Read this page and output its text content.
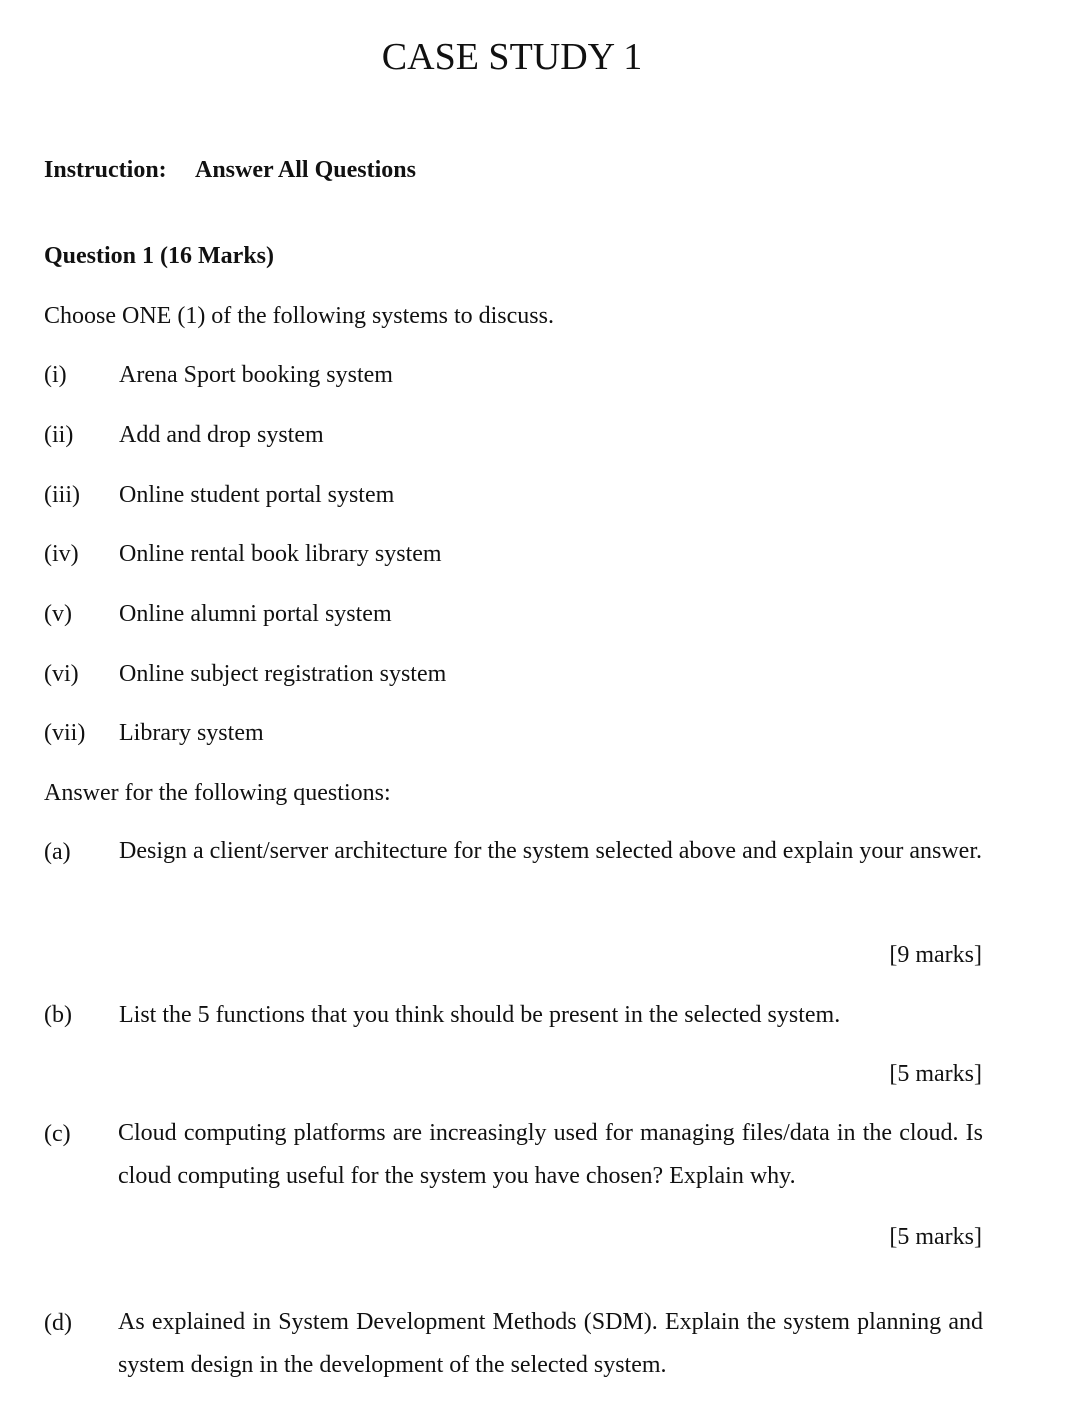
CASE STUDY 1
Instruction: Answer All Questions
Question 1 (16 Marks)
Choose ONE (1) of the following systems to discuss.
(i) Arena Sport booking system
(ii) Add and drop system
(iii) Online student portal system
(iv) Online rental book library system
(v) Online alumni portal system
(vi) Online subject registration system
(vii) Library system
Answer for the following questions:
(a) Design a client/server architecture for the system selected above and explain your answer.
[9 marks]
(b) List the 5 functions that you think should be present in the selected system.
[5 marks]
(c) Cloud computing platforms are increasingly used for managing files/data in the cloud. Is cloud computing useful for the system you have chosen? Explain why.
[5 marks]
(d) As explained in System Development Methods (SDM). Explain the system planning and system design in the development of the selected system.
